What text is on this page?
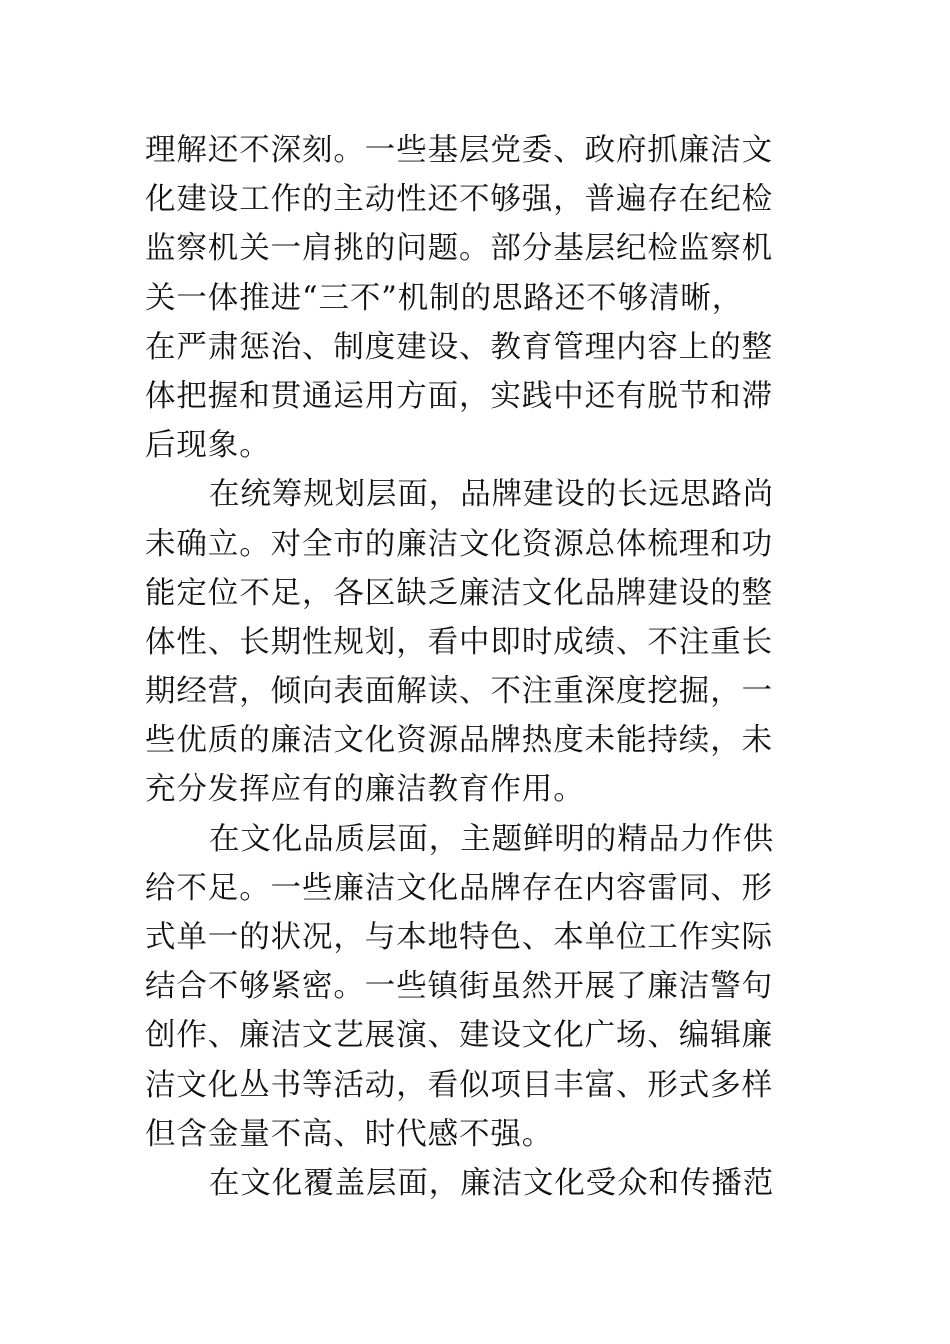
理解还不深刻。一些基层党委、政府抓廉洁文
化建设工作的主动性还不够强，普遍存在纪检
监察机关一肩挑的问题。部分基层纪检监察机
关一体推进“三不”机制的思路还不够清晰，
在严肃惩治、制度建设、教育管理内容上的整
体把握和贯通运用方面，实践中还有脱节和滞
后现象。
在统筹规划层面，品牌建设的长远思路尚
未确立。对全市的廉洁文化资源总体梳理和功
能定位不足，各区缺乏廉洁文化品牌建设的整
体性、长期性规划，看中即时成绩、不注重长
期经营，倾向表面解读、不注重深度挖掘，一
些优质的廉洁文化资源品牌热度未能持续，未
充分发挥应有的廉洁教育作用。
在文化品质层面，主题鲜明的精品力作供
给不足。一些廉洁文化品牌存在内容雷同、形
式单一的状况，与本地特色、本单位工作实际
结合不够紧密。一些镇街虽然开展了廉洁警句
创作、廉洁文艺展演、建设文化广场、编辑廉
洁文化丛书等活动，看似项目丰富、形式多样
但含金量不高、时代感不强。
在文化覆盖层面，廉洁文化受众和传播范
